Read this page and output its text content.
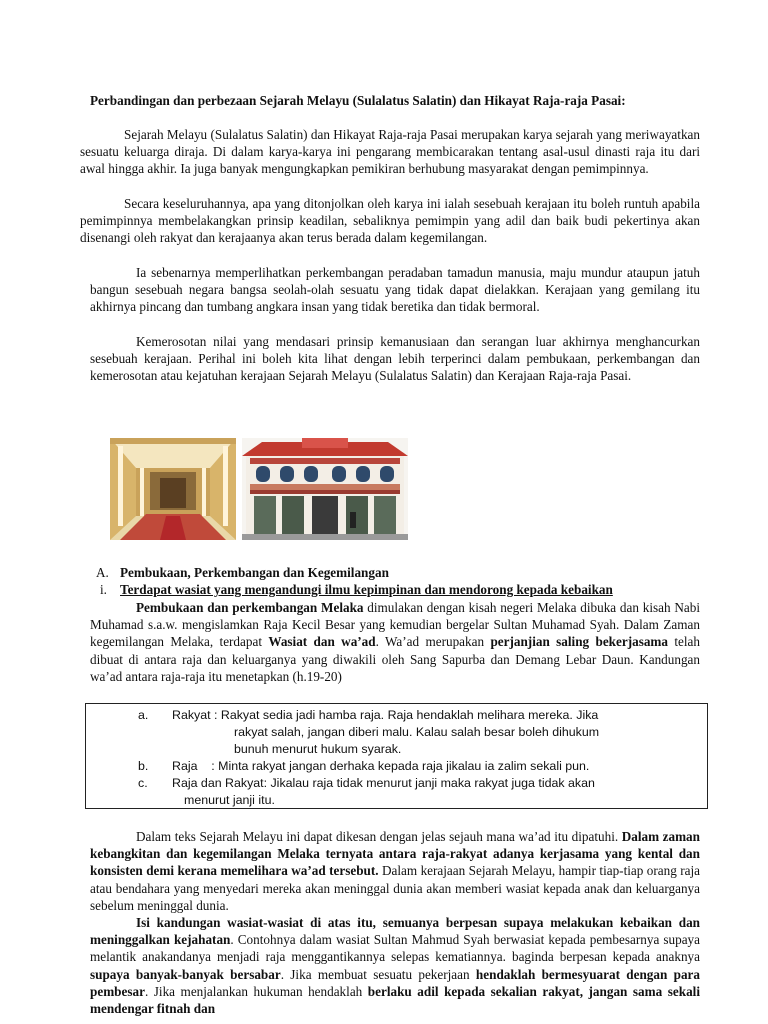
Perbandingan dan perbezaan Sejarah Melayu (Sulalatus Salatin) dan Hikayat Raja-raja Pasai:

Sejarah Melayu (Sulalatus Salatin) dan Hikayat Raja-raja Pasai merupakan karya sejarah yang meriwayatkan sesuatu keluarga diraja. Di dalam karya-karya ini pengarang membicarakan tentang asal-usul dinasti raja itu dari awal hingga akhir. Ia juga banyak mengungkapkan pemikiran berhubung masyarakat dengan pemimpinnya.

Secara keseluruhannya, apa yang ditonjolkan oleh karya ini ialah sesebuah kerajaan itu boleh runtuh apabila pemimpinnya membelakangkan prinsip keadilan, sebaliknya pemimpin yang adil dan baik budi pekertinya akan disenangi oleh rakyat dan kerajaanya akan terus berada dalam kegemilangan.

Ia sebenarnya memperlihatkan perkembangan peradaban tamadun manusia, maju mundur ataupun jatuh bangun sesebuah negara bangsa seolah-olah sesuatu yang tidak dapat dielakkan. Kerajaan yang gemilang itu akhirnya pincang dan tumbang angkara insan yang tidak beretika dan tidak bermoral.

Kemerosotan nilai yang mendasari prinsip kemanusiaan dan serangan luar akhirnya menghancurkan sesebuah kerajaan. Perihal ini boleh kita lihat dengan lebih terperinci dalam pembukaan, perkembangan dan kemerosotan atau kejatuhan kerajaan Sejarah Melayu (Sulalatus Salatin) dan Kerajaan Raja-raja Pasai.

A. Pembukaan, Perkembangan dan Kegemilangan
i. Terdapat wasiat yang mengandungi ilmu kepimpinan dan mendorong kepada kebaikan

Pembukaan dan perkembangan Melaka dimulakan dengan kisah negeri Melaka dibuka dan kisah Nabi Muhamad s.a.w. mengislamkan Raja Kecil Besar yang kemudian bergelar Sultan Muhamad Syah. Dalam Zaman kegemilangan Melaka, terdapat Wasiat dan wa’ad. Wa’ad merupakan perjanjian saling bekerjasama telah dibuat di antara raja dan keluarganya yang diwakili oleh Sang Sapurba dan Demang Lebar Daun. Kandungan wa’ad antara raja-raja itu menetapkan (h.19-20)

a. Rakyat : Rakyat sedia jadi hamba raja. Raja hendaklah melihara mereka. Jika
rakyat salah, jangan diberi malu. Kalau salah besar boleh dihukum
bunuh menurut hukum syarak.
b. Raja    : Minta rakyat jangan derhaka kepada raja jikalau ia zalim sekali pun.
c. Raja dan Rakyat: Jikalau raja tidak menurut janji maka rakyat juga tidak akan
menurut janji itu.

Dalam teks Sejarah Melayu ini dapat dikesan dengan jelas sejauh mana wa’ad itu dipatuhi. Dalam zaman kebangkitan dan kegemilangan Melaka ternyata antara raja-rakyat adanya kerjasama yang kental dan konsisten demi kerana memelihara wa’ad tersebut. Dalam kerajaan Sejarah Melayu, hampir tiap-tiap orang raja atau bendahara yang menyedari mereka akan meninggal dunia akan memberi wasiat kepada anak dan keluarganya sebelum meninggal dunia.

Isi kandungan wasiat-wasiat di atas itu, semuanya berpesan supaya melakukan kebaikan dan meninggalkan kejahatan. Contohnya dalam wasiat Sultan Mahmud Syah berwasiat kepada pembesarnya supaya melantik anakandanya menjadi raja menggantikannya selepas kematiannya. baginda berpesan kepada anaknya supaya banyak-banyak bersabar. Jika membuat sesuatu pekerjaan hendaklah bermesyuarat dengan para pembesar. Jika menjalankan hukuman hendaklah berlaku adil kepada sekalian rakyat, jangan sama sekali mendengar fitnah dan
